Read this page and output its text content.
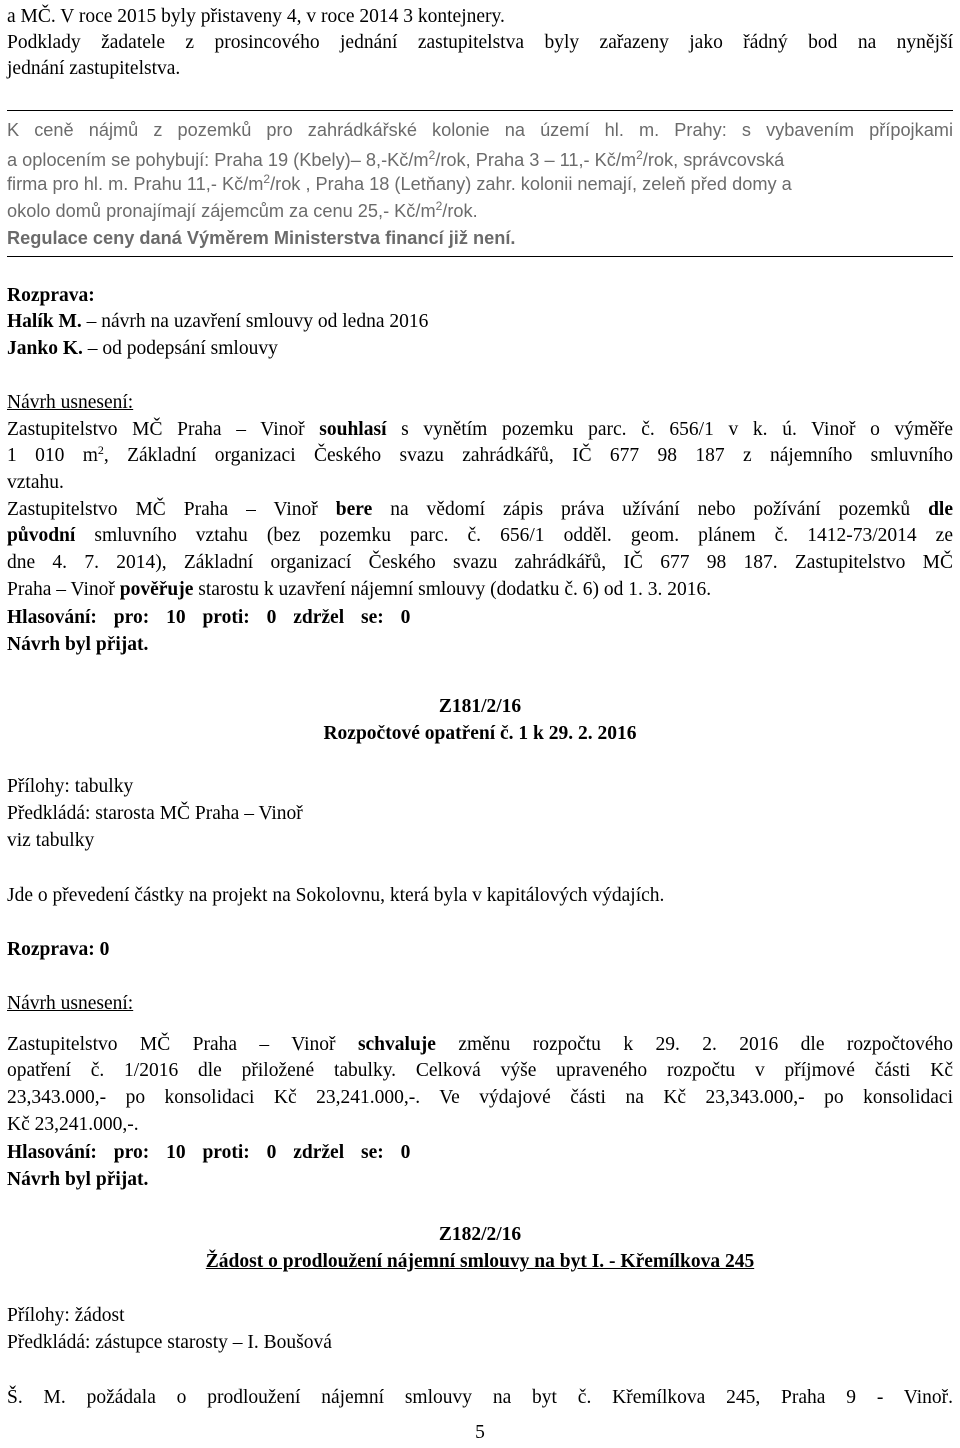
a MČ. V roce 2015 byly přistaveny 4, v roce 2014 3 kontejnery.
Podklady žadatele z prosincového jednání zastupitelstva byly zařazeny jako řádný bod na nynější
jednání zastupitelstva.
K ceně nájmů z pozemků pro zahrádkářské kolonie na území hl. m. Prahy: s vybavením přípojkami
a oplocením se pohybují: Praha 19 (Kbely)– $8,-Kč/m^2$/rok, Praha 3 – 11,- $Kč/m^2$/rok, správcovská
firma pro hl. m. Prahu 11,- $Kč/m^2$/rok , Praha 18 (Letňany) zahr. kolonii nemají, zeleň před domy a
okolo domů pronajímají zájemcům za cenu 25,- $Kč/m^2$/rok.
Regulace ceny daná Výměrem Ministerstva financí již není.
Rozprava:
Halík M. – návrh na uzavření smlouvy od ledna 2016
Janko K. – od podepsání smlouvy
Návrh usnesení:
Zastupitelstvo MČ Praha – Vinoř souhlasí s vynětím pozemku parc. č. 656/1 v k. ú. Vinoř o výměře
1 010 $m^2$, Základní organizaci Českého svazu zahrádkářů, IČ 677 98 187 z nájemního smluvního
vztahu.
Zastupitelstvo MČ Praha – Vinoř bere na vědomí zápis práva užívání nebo požívání pozemků dle
původní smluvního vztahu (bez pozemku parc. č. 656/1 odděl. geom. plánem č. 1412-73/2014 ze
dne 4. 7. 2014), Základní organizací Českého svazu zahrádkářů, IČ 677 98 187. Zastupitelstvo MČ
Praha – Vinoř pověřuje starostu k uzavření nájemní smlouvy (dodatku č. 6) od 1. 3. 2016.
Hlasování: pro: 10 proti: 0 zdržel se: 0
Návrh byl přijat.
Z181/2/16
Rozpočtové opatření č. 1 k 29. 2. 2016
Přílohy: tabulky
Předkládá: starosta MČ Praha – Vinoř
viz tabulky
Jde o převedení částky na projekt na Sokolovnu, která byla v kapitálových výdajích.
Rozprava: 0
Návrh usnesení:
Zastupitelstvo MČ Praha – Vinoř schvaluje změnu rozpočtu k 29. 2. 2016 dle rozpočtového
opatření č. 1/2016 dle přiložené tabulky. Celková výše upraveného rozpočtu v příjmové části Kč
23,343.000,- po konsolidaci Kč 23,241.000,-. Ve výdajové části na Kč 23,343.000,- po konsolidaci
Kč 23,241.000,-.
Hlasování: pro: 10 proti: 0 zdržel se: 0
Návrh byl přijat.
Z182/2/16
Žádost o prodloužení nájemní smlouvy na byt I. - Křemílkova 245
Přílohy: žádost
Předkládá: zástupce starosty – I. Boušová
Š. M. požádala o prodloužení nájemní smlouvy na byt č. Křemílkova 245, Praha 9 - Vinoř.
5
